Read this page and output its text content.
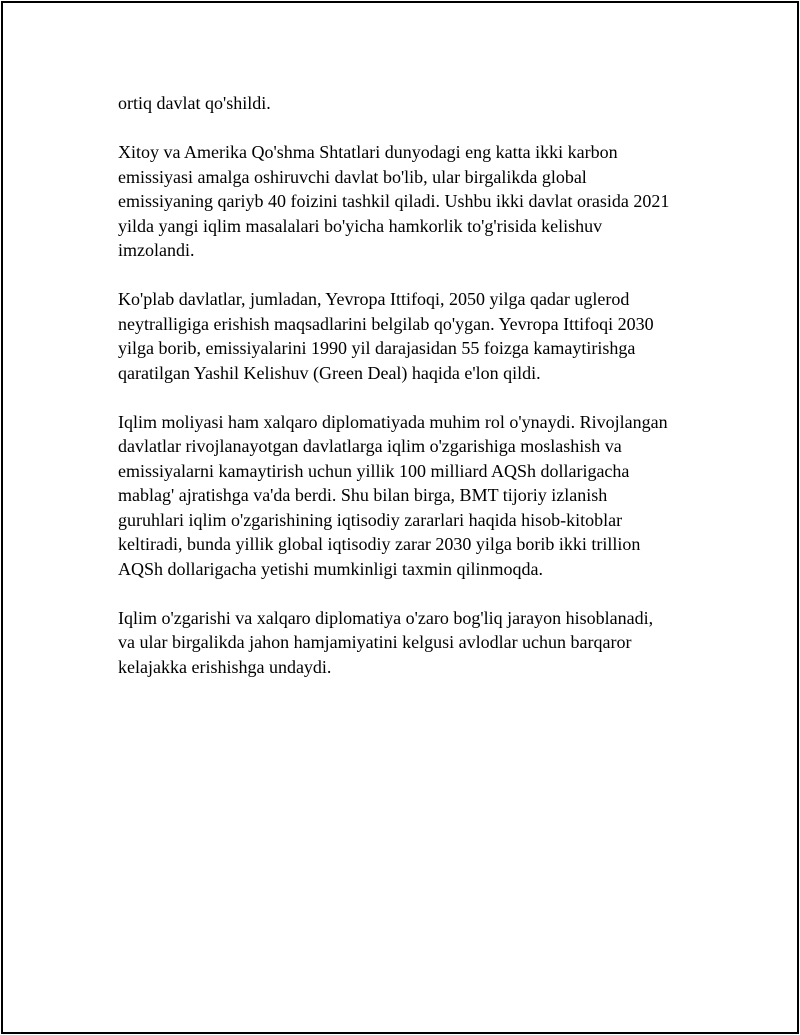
ortiq davlat qo'shildi.

Xitoy va Amerika Qo'shma Shtatlari dunyodagi eng katta ikki karbon
emissiyasi amalga oshiruvchi davlat bo'lib, ular birgalikda global
emissiyaning qariyb 40 foizini tashkil qiladi. Ushbu ikki davlat orasida 2021
yilda yangi iqlim masalalari bo'yicha hamkorlik to'g'risida kelishuv
imzolandi.

Ko'plab davlatlar, jumladan, Yevropa Ittifoqi, 2050 yilga qadar uglerod
neytralligiga erishish maqsadlarini belgilab qo'ygan. Yevropa Ittifoqi 2030
yilga borib, emissiyalarini 1990 yil darajasidan 55 foizga kamaytirishga
qaratilgan Yashil Kelishuv (Green Deal) haqida e'lon qildi.

Iqlim moliyasi ham xalqaro diplomatiyada muhim rol o'ynaydi. Rivojlangan
davlatlar rivojlanayotgan davlatlarga iqlim o'zgarishiga moslashish va
emissiyalarni kamaytirish uchun yillik 100 milliard AQSh dollarigacha
mablag' ajratishga va'da berdi. Shu bilan birga, BMT tijoriy izlanish
guruhlari iqlim o'zgarishining iqtisodiy zararlari haqida hisob-kitoblar
keltiradi, bunda yillik global iqtisodiy zarar 2030 yilga borib ikki trillion
AQSh dollarigacha yetishi mumkinligi taxmin qilinmoqda.

Iqlim o'zgarishi va xalqaro diplomatiya o'zaro bog'liq jarayon hisoblanadi,
va ular birgalikda jahon hamjamiyatini kelgusi avlodlar uchun barqaror
kelajakka erishishga undaydi.
